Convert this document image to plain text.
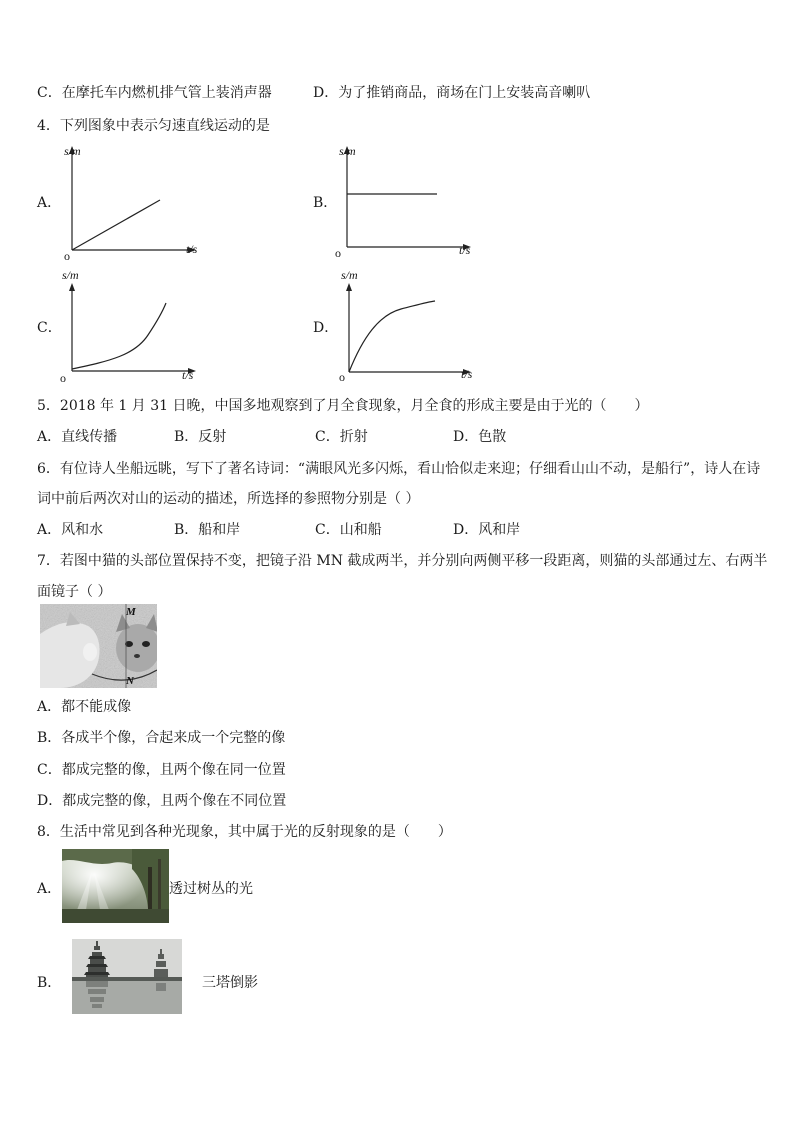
C．在摩托车内燃机排气管上装消声器	D．为了推销商品，商场在门上安装高音喇叭
4．下列图象中表示匀速直线运动的是
A．
s/m
t/s
o
B．
s/m
t/s
o
C．
s/m
t/s
o
D．
s/m
t/s
o
5．2018 年 1 月 31 日晚，中国多地观察到了月全食现象，月全食的形成主要是由于光的（　　）
A．直线传播	B．反射	C．折射	D．色散
6．有位诗人坐船远眺，写下了著名诗词：“满眼风光多闪烁，看山恰似走来迎；仔细看山山不动，是船行”，诗人在诗
词中前后两次对山的运动的描述，所选择的参照物分别是（ ）
A．风和水	B．船和岸	C．山和船	D．风和岸
7．若图中猫的头部位置保持不变，把镜子沿 MN 截成两半，并分别向两侧平移一段距离，则猫的头部通过左、右两半
面镜子（ ）
M
N
A．都不能成像
B．各成半个像，合起来成一个完整的像
C．都成完整的像，且两个像在同一位置
D．都成完整的像，且两个像在不同位置
8．生活中常见到各种光现象，其中属于光的反射现象的是（　　）
A．	透过树丛的光
B．	三塔倒影
